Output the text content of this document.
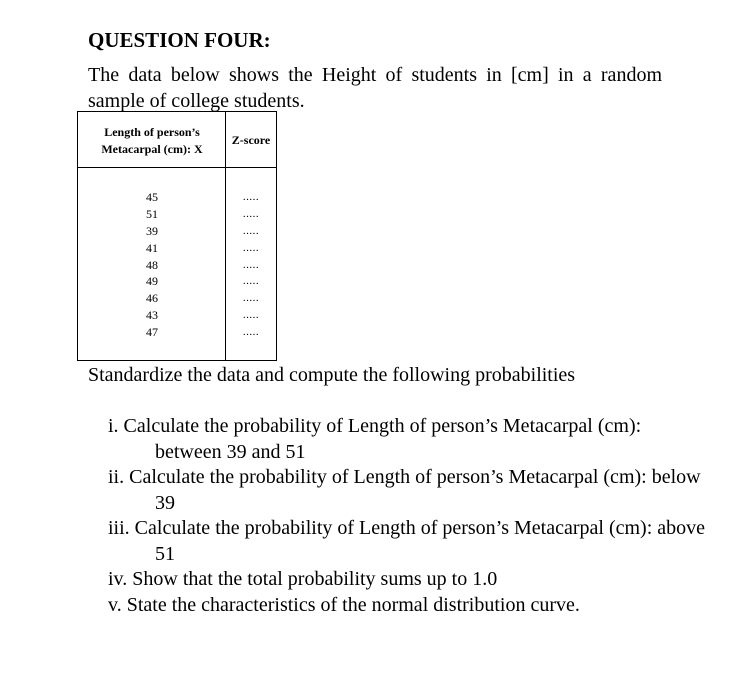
QUESTION FOUR:
The data below shows the Height of students in [cm] in a random sample of college students.
Length of person’s Metacarpal (cm): X
Z-score
45
51
39
41
48
49
46
43
47
.....
.....
.....
.....
.....
.....
.....
.....
.....
Standardize the data and compute the following probabilities
i. Calculate the probability of Length of person’s Metacarpal (cm): between 39 and 51
ii. Calculate the probability of Length of person’s Metacarpal (cm): below 39
iii. Calculate the probability of Length of person’s Metacarpal (cm): above 51
iv. Show that the total probability sums up to 1.0
v. State the characteristics of the normal distribution curve.
